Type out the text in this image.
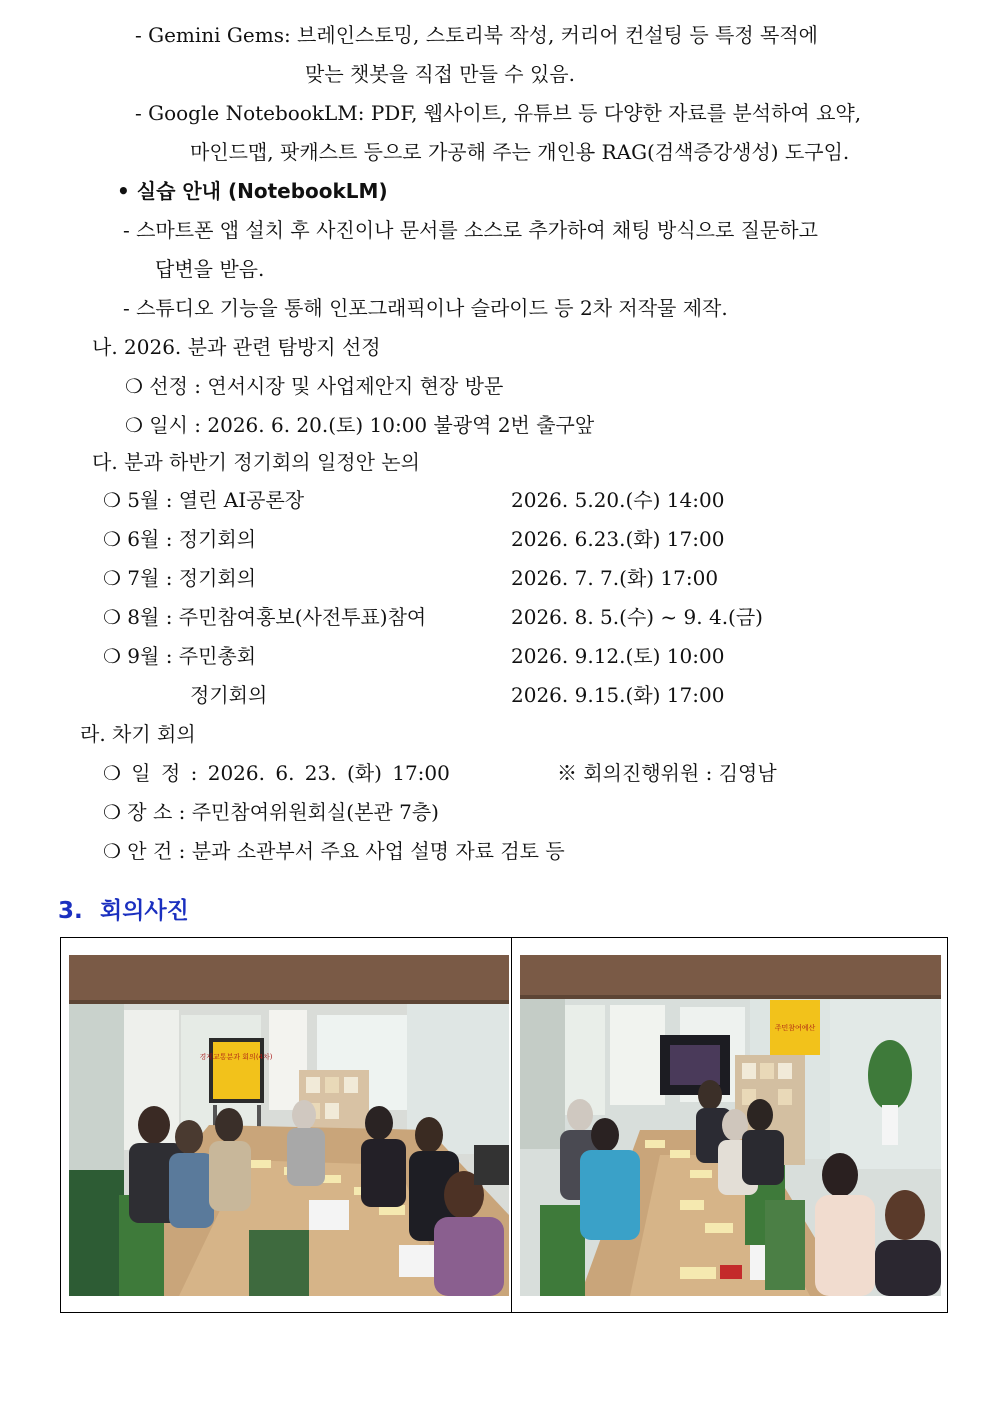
- Gemini Gems: 브레인스토밍, 스토리북 작성, 커리어 컨설팅 등 특정 목적에
맞는 챗봇을 직접 만들 수 있음.
- Google NotebookLM: PDF, 웹사이트, 유튜브 등 다양한 자료를 분석하여 요약,
마인드맵, 팟캐스트 등으로 가공해 주는 개인용 RAG(검색증강생성) 도구임.
• 실습 안내 (NotebookLM)
- 스마트폰 앱 설치 후 사진이나 문서를 소스로 추가하여 채팅 방식으로 질문하고
답변을 받음.
- 스튜디오 기능을 통해 인포그래픽이나 슬라이드 등 2차 저작물 제작.
나. 2026. 분과 관련 탐방지 선정
❍ 선정 : 연서시장 및 사업제안지 현장 방문
❍ 일시 : 2026. 6. 20.(토) 10:00 불광역 2번 출구앞
다. 분과 하반기 정기회의 일정안 논의
❍ 5월 : 열린 AI공론장	2026. 5.20.(수) 14:00
❍ 6월 : 정기회의	2026. 6.23.(화) 17:00
❍ 7월 : 정기회의	2026. 7. 7.(화) 17:00
❍ 8월 : 주민참여홍보(사전투표)참여	2026. 8. 5.(수) ~ 9. 4.(금)
❍ 9월 : 주민총회	2026. 9.12.(토) 10:00
정기회의	2026. 9.15.(화) 17:00
라. 차기 회의
❍ 일 정 : 2026. 6. 23. (화) 17:00	※ 회의진행위원 : 김영남
❍ 장 소 : 주민참여위원회실(본관 7층)
❍ 안 건 : 분과 소관부서 주요 사업 설명 자료 검토 등
3. 회의사진
경제교통분과 회의(4차)
주민참여예산
